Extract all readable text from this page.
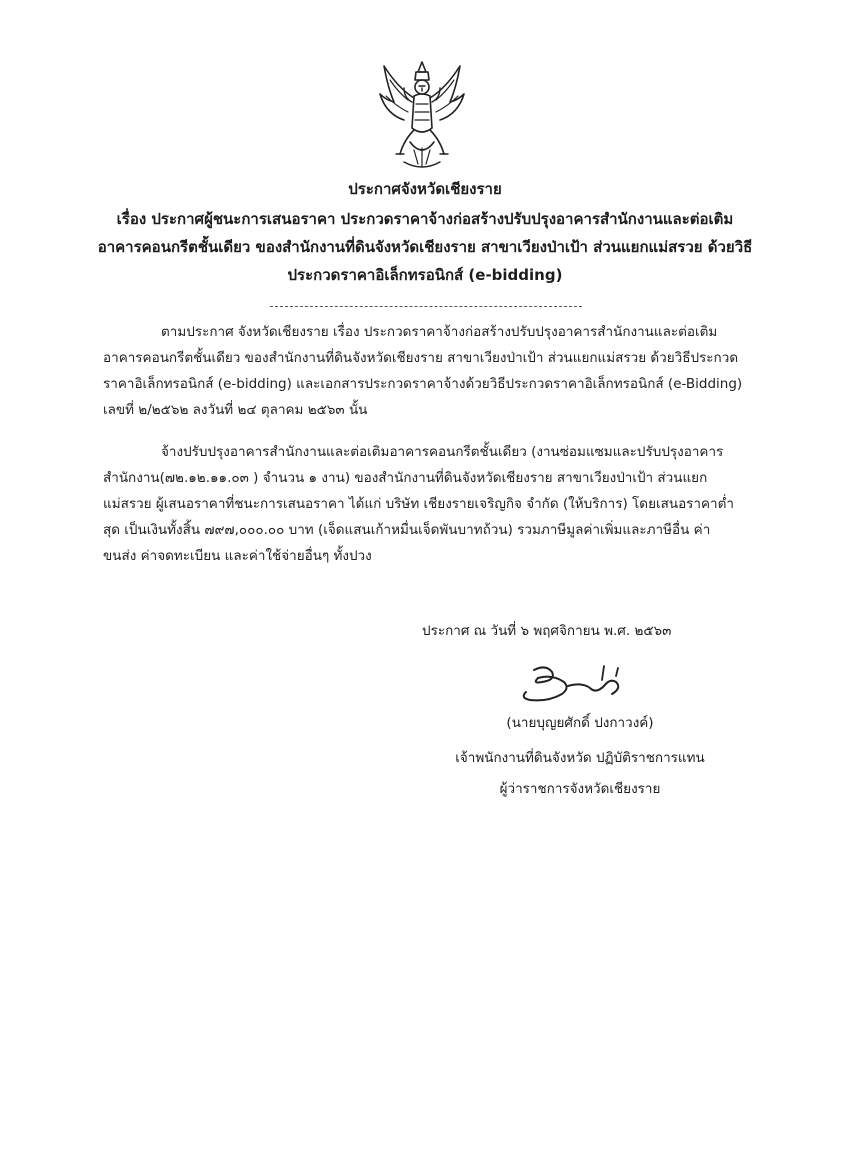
ประกาศจังหวัดเชียงราย
เรื่อง ประกาศผู้ชนะการเสนอราคา ประกวดราคาจ้างก่อสร้างปรับปรุงอาคารสำนักงานและต่อเติมอาคารคอนกรีตชั้นเดียว ของสำนักงานที่ดินจังหวัดเชียงราย สาขาเวียงป่าเป้า ส่วนแยกแม่สรวย ด้วยวิธีประกวดราคาอิเล็กทรอนิกส์ (e-bidding)
ตามประกาศ จังหวัดเชียงราย เรื่อง ประกวดราคาจ้างก่อสร้างปรับปรุงอาคารสำนักงานและต่อเติมอาคารคอนกรีตชั้นเดียว ของสำนักงานที่ดินจังหวัดเชียงราย สาขาเวียงป่าเป้า ส่วนแยกแม่สรวย ด้วยวิธีประกวดราคาอิเล็กทรอนิกส์ (e-bidding) และเอกสารประกวดราคาจ้างด้วยวิธีประกวดราคาอิเล็กทรอนิกส์ (e-Bidding) เลขที่ ๒/๒๕๖๒ ลงวันที่ ๒๔ ตุลาคม ๒๕๖๓ นั้น
จ้างปรับปรุงอาคารสำนักงานและต่อเติมอาคารคอนกรีตชั้นเดียว (งานซ่อมแซมและปรับปรุงอาคารสำนักงาน(๗๒.๑๒.๑๑.๐๓ ) จำนวน ๑ งาน) ของสำนักงานที่ดินจังหวัดเชียงราย สาขาเวียงป่าเป้า ส่วนแยกแม่สรวย ผู้เสนอราคาที่ชนะการเสนอราคา ได้แก่ บริษัท เชียงรายเจริญกิจ จำกัด (ให้บริการ) โดยเสนอราคาต่ำสุด เป็นเงินทั้งสิ้น ๗๙๗,๐๐๐.๐๐ บาท (เจ็ดแสนเก้าหมื่นเจ็ดพันบาทถ้วน) รวมภาษีมูลค่าเพิ่มและภาษีอื่น ค่าขนส่ง ค่าจดทะเบียน และค่าใช้จ่ายอื่นๆ ทั้งปวง
ประกาศ ณ วันที่ ๖ พฤศจิกายน พ.ศ. ๒๕๖๓
(นายบุญยศักดิ์ ปงกาวงค์)
เจ้าพนักงานที่ดินจังหวัด ปฏิบัติราชการแทน
ผู้ว่าราชการจังหวัดเชียงราย
